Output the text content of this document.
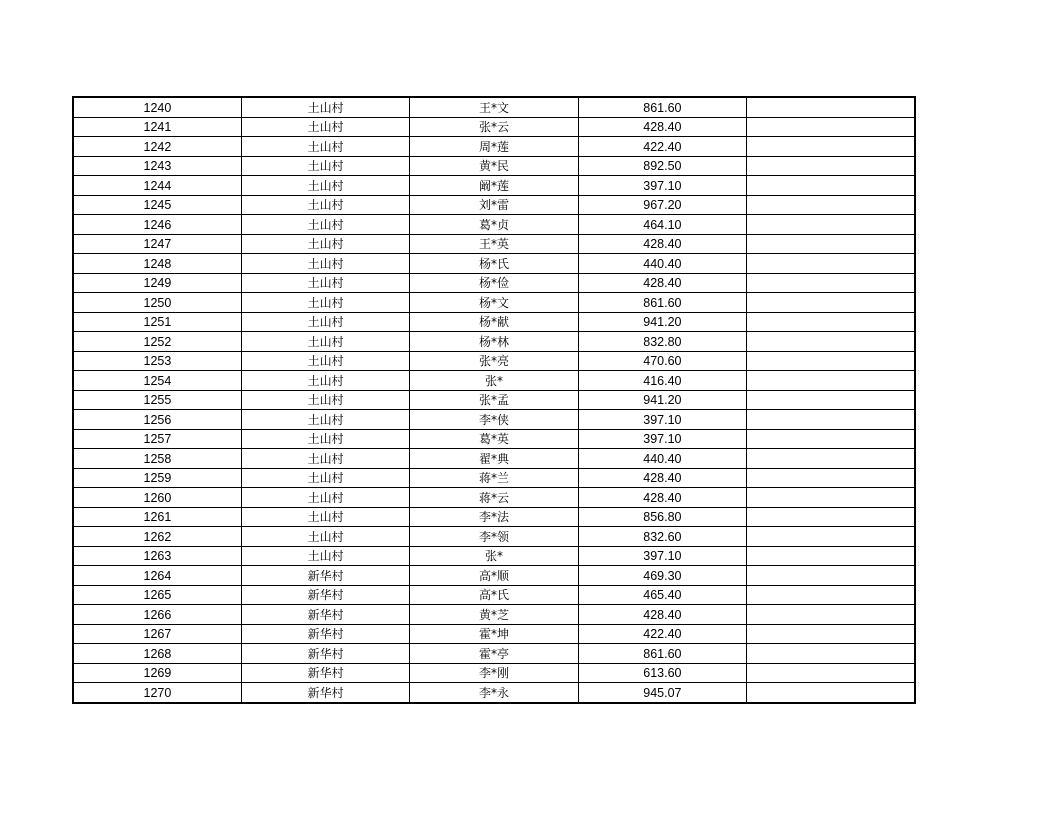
1240	土山村	王*文	861.60	
1241	土山村	张*云	428.40	
1242	土山村	周*莲	422.40	
1243	土山村	黄*民	892.50	
1244	土山村	阚*莲	397.10	
1245	土山村	刘*雷	967.20	
1246	土山村	葛*贞	464.10	
1247	土山村	王*英	428.40	
1248	土山村	杨*氏	440.40	
1249	土山村	杨*俭	428.40	
1250	土山村	杨*文	861.60	
1251	土山村	杨*献	941.20	
1252	土山村	杨*林	832.80	
1253	土山村	张*亮	470.60	
1254	土山村	张*	416.40	
1255	土山村	张*孟	941.20	
1256	土山村	李*侠	397.10	
1257	土山村	葛*英	397.10	
1258	土山村	翟*典	440.40	
1259	土山村	蒋*兰	428.40	
1260	土山村	蒋*云	428.40	
1261	土山村	李*法	856.80	
1262	土山村	李*领	832.60	
1263	土山村	张*	397.10	
1264	新华村	高*顺	469.30	
1265	新华村	高*氏	465.40	
1266	新华村	黄*芝	428.40	
1267	新华村	霍*坤	422.40	
1268	新华村	霍*亭	861.60	
1269	新华村	李*刚	613.60	
1270	新华村	李*永	945.07	
